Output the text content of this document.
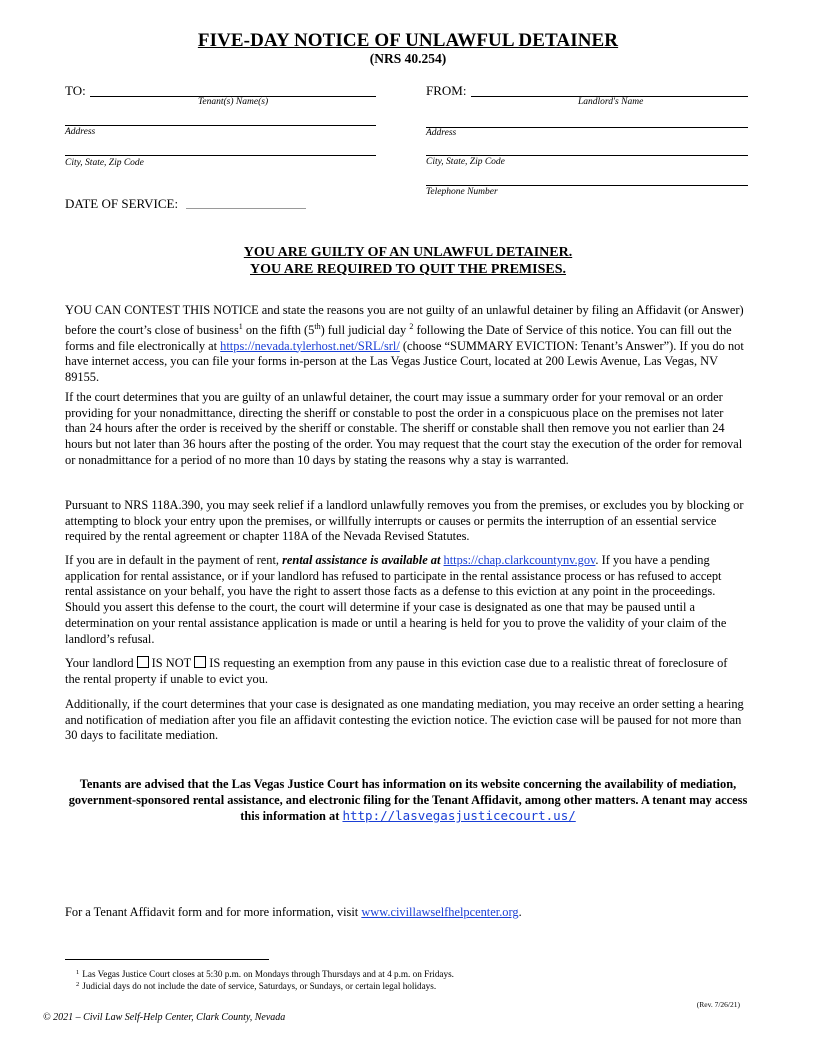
FIVE-DAY NOTICE OF UNLAWFUL DETAINER
(NRS 40.254)
TO:
Tenant(s) Name(s)
FROM:
Landlord's Name
Address	Address
City, State, Zip Code	City, State, Zip Code
Telephone Number
DATE OF SERVICE:
YOU ARE GUILTY OF AN UNLAWFUL DETAINER.
YOU ARE REQUIRED TO QUIT THE PREMISES.
YOU CAN CONTEST THIS NOTICE and state the reasons you are not guilty of an unlawful detainer by filing an Affidavit (or Answer) before the court’s close of business$^1$ on the fifth (5th) full judicial day $^2$ following the Date of Service of this notice. You can fill out the forms and file electronically at https://nevada.tylerhost.net/SRL/srl/ (choose “SUMMARY EVICTION: Tenant’s Answer”). If you do not have internet access, you can file your forms in-person at the Las Vegas Justice Court, located at 200 Lewis Avenue, Las Vegas, NV 89155.
If the court determines that you are guilty of an unlawful detainer, the court may issue a summary order for your removal or an order providing for your nonadmittance, directing the sheriff or constable to post the order in a conspicuous place on the premises not later than 24 hours after the order is received by the sheriff or constable. The sheriff or constable shall then remove you not earlier than 24 hours but not later than 36 hours after the posting of the order. You may request that the court stay the execution of the order for removal or nonadmittance for a period of no more than 10 days by stating the reasons why a stay is warranted.
Pursuant to NRS 118A.390, you may seek relief if a landlord unlawfully removes you from the premises, or excludes you by blocking or attempting to block your entry upon the premises, or willfully interrupts or causes or permits the interruption of an essential service required by the rental agreement or chapter 118A of the Nevada Revised Statutes.
If you are in default in the payment of rent, rental assistance is available at https://chap.clarkcountynv.gov. If you have a pending application for rental assistance, or if your landlord has refused to participate in the rental assistance process or has refused to accept rental assistance on your behalf, you have the right to assert those facts as a defense to this eviction at any point in the proceedings. Should you assert this defense to the court, the court will determine if your case is designated as one that may be paused until a determination on your rental assistance application is made or until a hearing is held for you to prove the validity of your claim of the landlord’s refusal.
Your landlord IS NOT IS requesting an exemption from any pause in this eviction case due to a realistic threat of foreclosure of the rental property if unable to evict you.
Additionally, if the court determines that your case is designated as one mandating mediation, you may receive an order setting a hearing and notification of mediation after you file an affidavit contesting the eviction notice. The eviction case will be paused for not more than 30 days to facilitate mediation.
Tenants are advised that the Las Vegas Justice Court has information on its website concerning the availability of mediation, government-sponsored rental assistance, and electronic filing for the Tenant Affidavit, among other matters. A tenant may access this information at http://lasvegasjusticecourt.us/
For a Tenant Affidavit form and for more information, visit www.civillawselfhelpcenter.org.
$^1$ Las Vegas Justice Court closes at 5:30 p.m. on Mondays through Thursdays and at 4 p.m. on Fridays.
$^2$ Judicial days do not include the date of service, Saturdays, or Sundays, or certain legal holidays.
(Rev. 7/26/21)
© 2021 – Civil Law Self-Help Center, Clark County, Nevada
